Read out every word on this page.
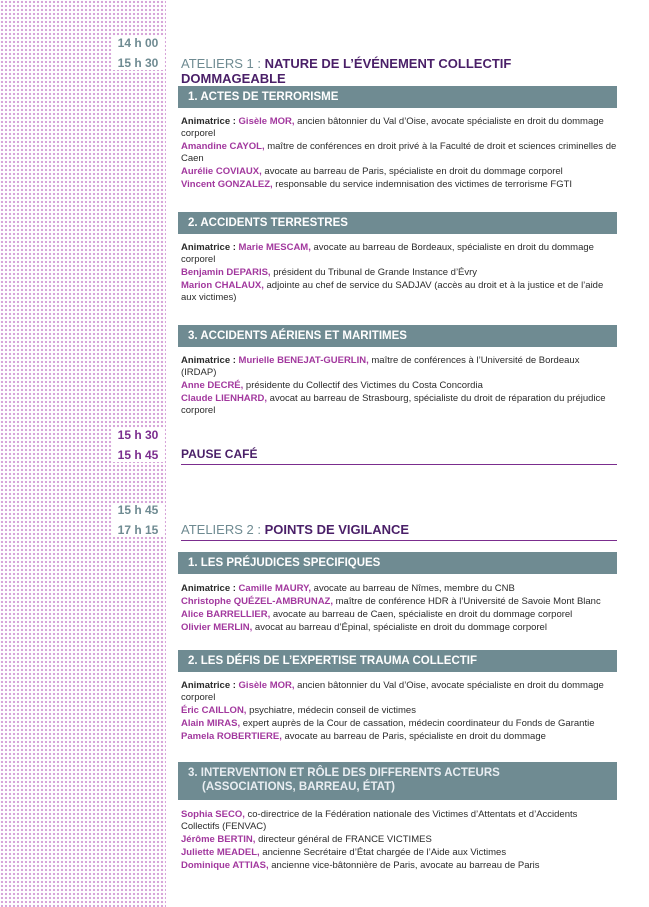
14 h 00
15 h 30
15 h 30
15 h 45
15 h 45
17 h 15
ATELIERS 1 : NATURE DE L’ÉVÉNEMENT COLLECTIF DOMMAGEABLE
1. ACTES DE TERRORISME

Animatrice : Gisèle MOR, ancien bâtonnier du Val d’Oise, avocate spécialiste en droit du dommage corporel

Amandine CAYOL, maître de conférences en droit privé à la Faculté de droit et sciences criminelles de Caen

Aurélie COVIAUX, avocate au barreau de Paris, spécialiste en droit du dommage corporel

Vincent GONZALEZ, responsable du service indemnisation des victimes de terrorisme FGTI

2. ACCIDENTS TERRESTRES

Animatrice : Marie MESCAM, avocate au barreau de Bordeaux, spécialiste en droit du dommage corporel

Benjamin DEPARIS, président du Tribunal de Grande Instance d’Évry

Marion CHALAUX, adjointe au chef de service du SADJAV (accès au droit et à la justice et de l’aide aux victimes)

3. ACCIDENTS AÉRIENS ET MARITIMES

Animatrice : Murielle BENEJAT-GUERLIN, maître de conférences à l’Université de Bordeaux (IRDAP)

Anne DECRÉ, présidente du Collectif des Victimes du Costa Concordia

Claude LIENHARD, avocat au barreau de Strasbourg, spécialiste du droit de réparation du préjudice corporel

PAUSE CAFÉ
ATELIERS 2 : POINTS DE VIGILANCE
1. LES PRÉJUDICES SPECIFIQUES

Animatrice : Camille MAURY, avocate au barreau de Nîmes, membre du CNB

Christophe QUÉZEL-AMBRUNAZ, maître de conférence HDR à l’Université de Savoie Mont Blanc

Alice BARRELLIER, avocate au barreau de Caen, spécialiste en droit du dommage corporel

Olivier MERLIN, avocat au barreau d’Épinal, spécialiste en droit du dommage corporel

2. LES DÉFIS DE L’EXPERTISE TRAUMA COLLECTIF

Animatrice : Gisèle MOR, ancien bâtonnier du Val d’Oise, avocate spécialiste en droit du dommage corporel

Éric CAILLON, psychiatre, médecin conseil de victimes

Alain MIRAS, expert auprès de la Cour de cassation, médecin coordinateur du Fonds de Garantie

Pamela ROBERTIERE, avocate au barreau de Paris, spécialiste en droit du dommage

3. INTERVENTION ET RÔLE DES DIFFERENTS ACTEURS
(ASSOCIATIONS, BARREAU, ÉTAT)

Sophia SECO, co-directrice de la Fédération nationale des Victimes d’Attentats et d’Accidents Collectifs (FENVAC)

Jérôme BERTIN, directeur général de FRANCE VICTIMES

Juliette MEADEL, ancienne Secrétaire d’État chargée de l’Aide aux Victimes

Dominique ATTIAS, ancienne vice-bâtonnière de Paris, avocate au barreau de Paris
